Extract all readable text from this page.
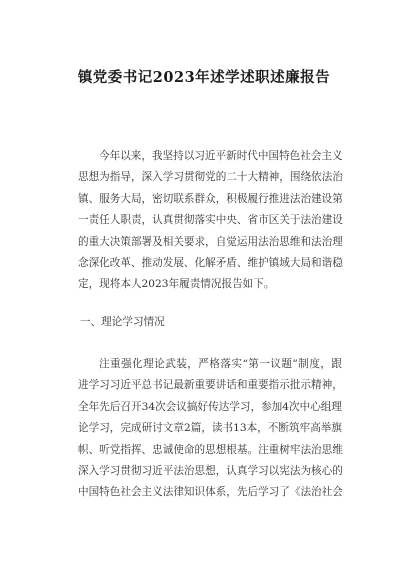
镇党委书记2023年述学述职述廉报告
今年以来，我坚持以习近平新时代中国特色社会主义
思想为指导，深入学习贯彻党的二十大精神，围绕依法治
镇、服务大局，密切联系群众，积极履行推进法治建设第
一责任人职责，认真贯彻落实中央、省市区关于法治建设
的重大决策部署及相关要求，自觉运用法治思维和法治理
念深化改革、推动发展、化解矛盾、维护镇域大局和谐稳
定，现将本人2023年履责情况报告如下。
一、理论学习情况
注重强化理论武装，严格落实“第一议题”制度，跟
进学习习近平总书记最新重要讲话和重要指示批示精神，
全年先后召开34次会议搞好传达学习，参加4次中心组理
论学习，完成研讨文章2篇，读书13本，不断筑牢高举旗
帜、听党指挥、忠诚使命的思想根基。注重树牢法治思维
深入学习贯彻习近平法治思想，认真学习以宪法为核心的
中国特色社会主义法律知识体系，先后学习了《法治社会
